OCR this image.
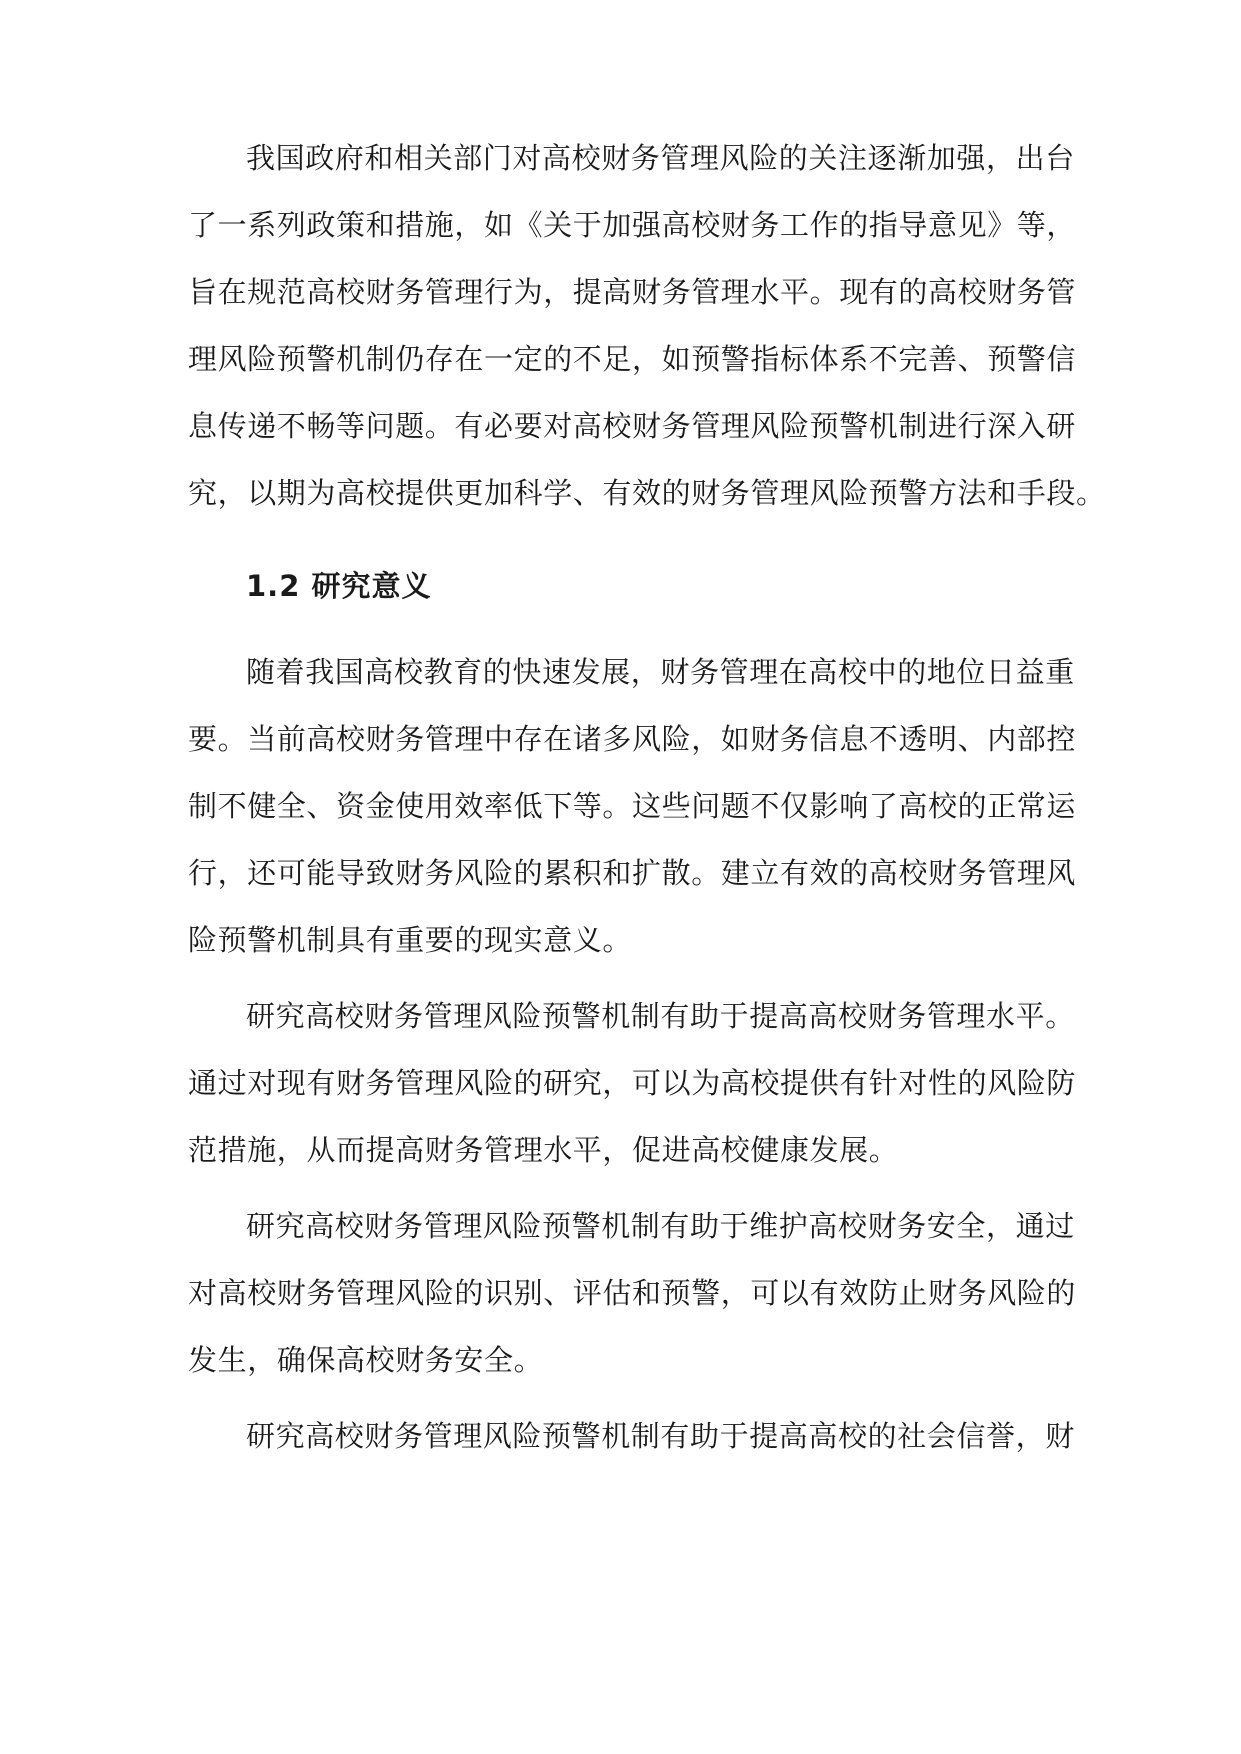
我国政府和相关部门对高校财务管理风险的关注逐渐加强，出台

了一系列政策和措施，如《关于加强高校财务工作的指导意见》等，

旨在规范高校财务管理行为，提高财务管理水平。现有的高校财务管

理风险预警机制仍存在一定的不足，如预警指标体系不完善、预警信

息传递不畅等问题。有必要对高校财务管理风险预警机制进行深入研

究，以期为高校提供更加科学、有效的财务管理风险预警方法和手段。

1.2 研究意义

随着我国高校教育的快速发展，财务管理在高校中的地位日益重

要。当前高校财务管理中存在诸多风险，如财务信息不透明、内部控

制不健全、资金使用效率低下等。这些问题不仅影响了高校的正常运

行，还可能导致财务风险的累积和扩散。建立有效的高校财务管理风

险预警机制具有重要的现实意义。

研究高校财务管理风险预警机制有助于提高高校财务管理水平。

通过对现有财务管理风险的研究，可以为高校提供有针对性的风险防

范措施，从而提高财务管理水平，促进高校健康发展。

研究高校财务管理风险预警机制有助于维护高校财务安全，通过

对高校财务管理风险的识别、评估和预警，可以有效防止财务风险的

发生，确保高校财务安全。

研究高校财务管理风险预警机制有助于提高高校的社会信誉，财
